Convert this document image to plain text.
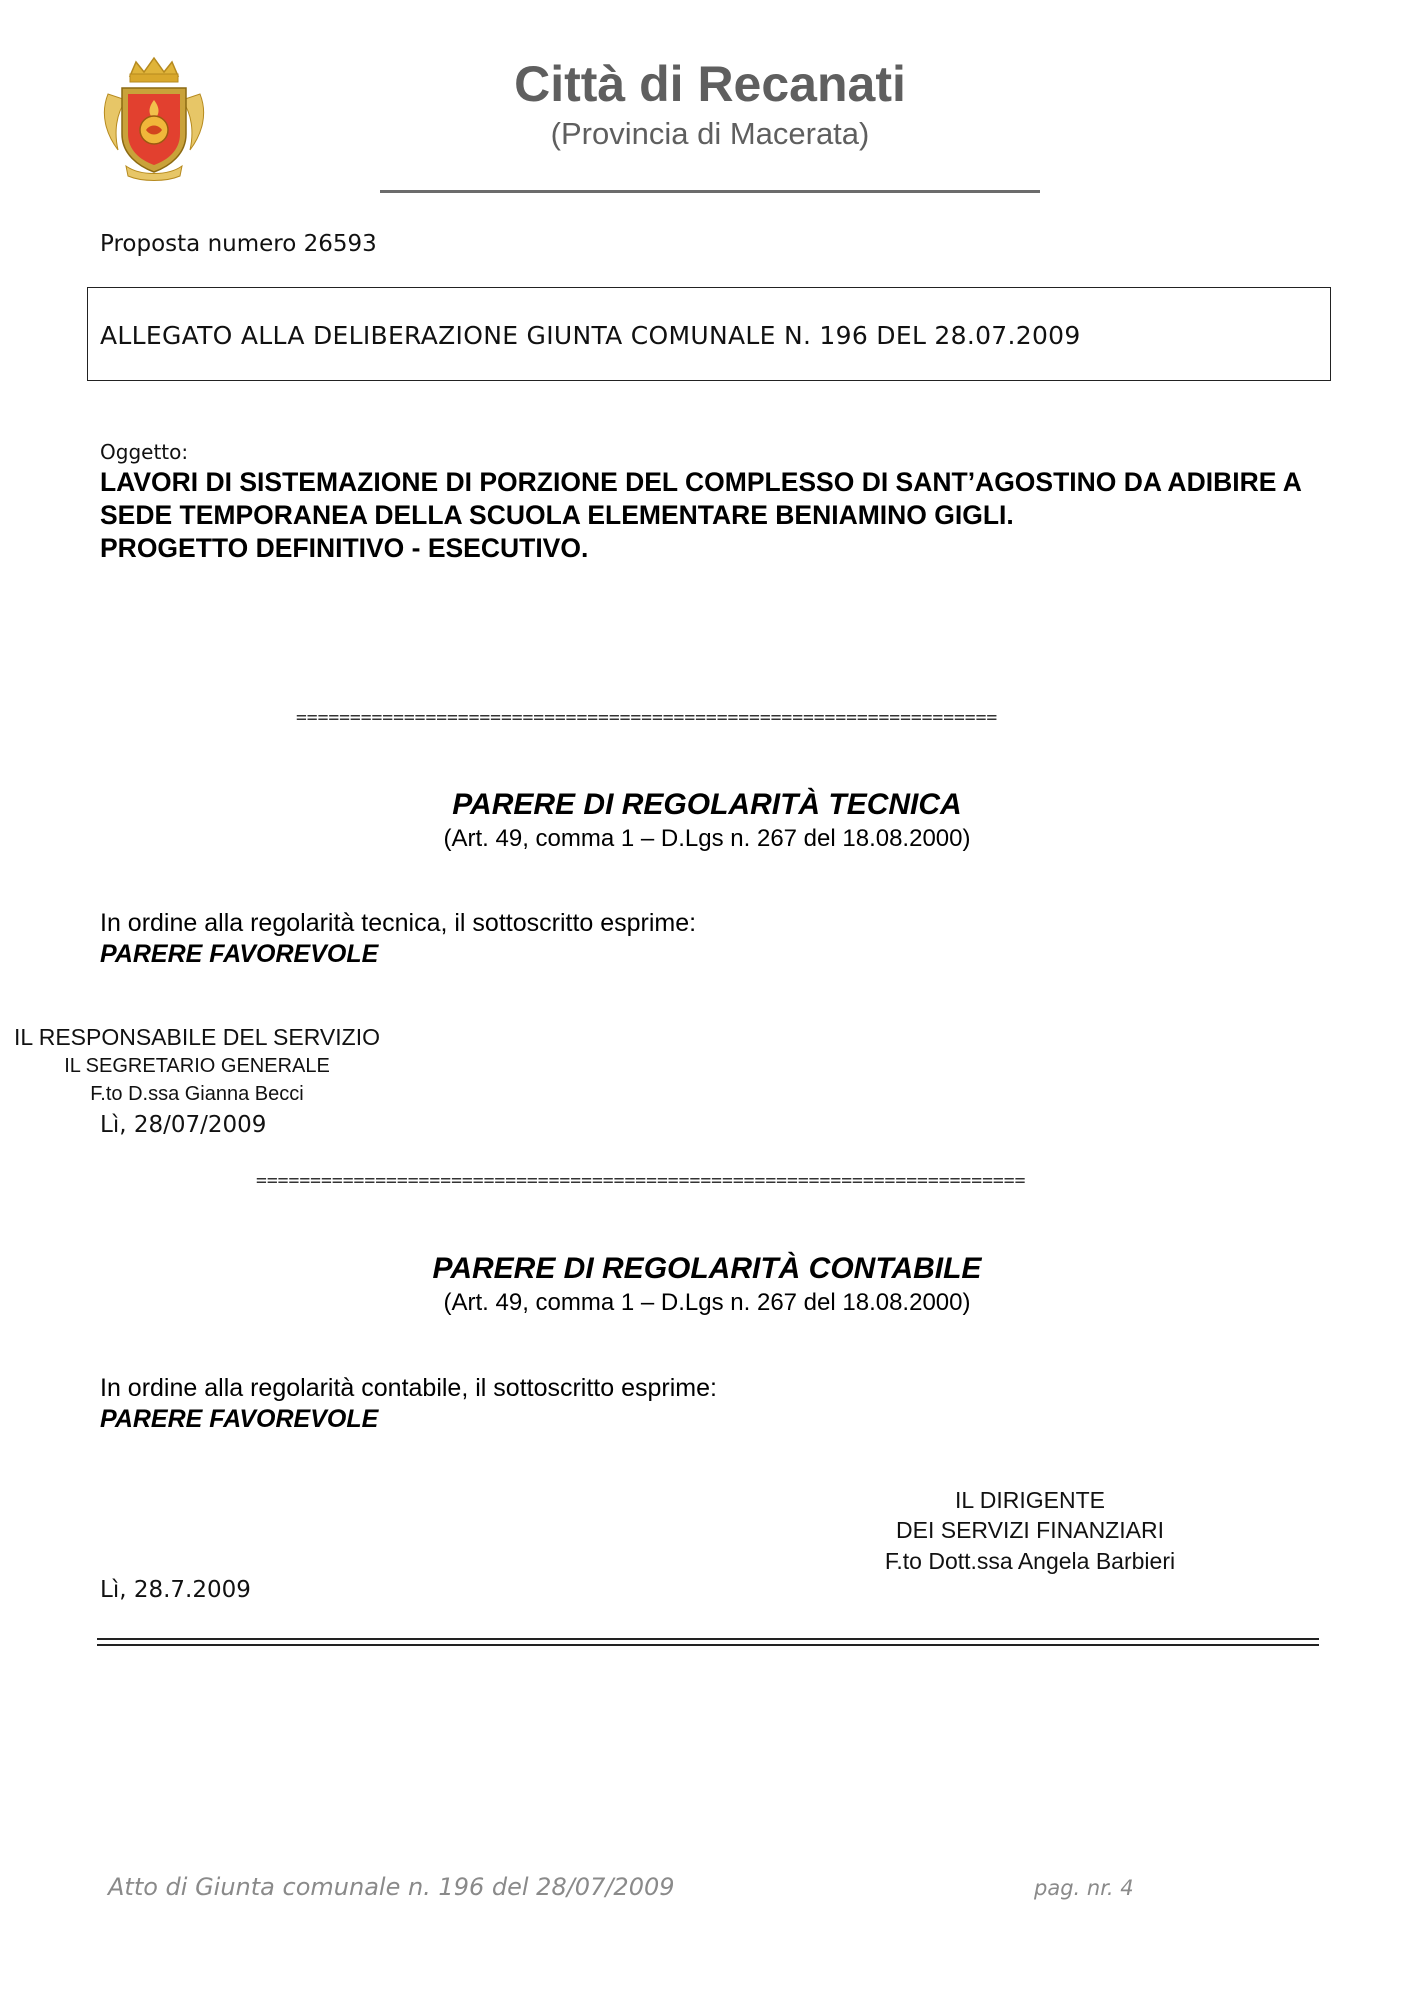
Città di Recanati
(Provincia di Macerata)
Proposta numero 26593
ALLEGATO ALLA DELIBERAZIONE GIUNTA COMUNALE N. 196 DEL 28.07.2009
Oggetto:
LAVORI DI SISTEMAZIONE DI PORZIONE DEL COMPLESSO DI SANT’AGOSTINO DA ADIBIRE A
SEDE TEMPORANEA DELLA SCUOLA ELEMENTARE BENIAMINO GIGLI.
PROGETTO DEFINITIVO - ESECUTIVO.
=================================================================
PARERE DI REGOLARITÀ TECNICA
(Art. 49, comma 1 – D.Lgs n. 267 del 18.08.2000)
In ordine alla regolarità tecnica, il sottoscritto esprime:
PARERE FAVOREVOLE
IL RESPONSABILE DEL SERVIZIO
IL SEGRETARIO GENERALE
F.to D.ssa Gianna Becci
Lì, 28/07/2009
=======================================================================
PARERE DI REGOLARITÀ CONTABILE
(Art. 49, comma 1 – D.Lgs n. 267 del 18.08.2000)
In ordine alla regolarità contabile, il sottoscritto esprime:
PARERE FAVOREVOLE
IL DIRIGENTE
DEI SERVIZI FINANZIARI
F.to Dott.ssa Angela Barbieri
Lì, 28.7.2009
Atto di Giunta comunale n. 196 del 28/07/2009	pag. nr. 4
